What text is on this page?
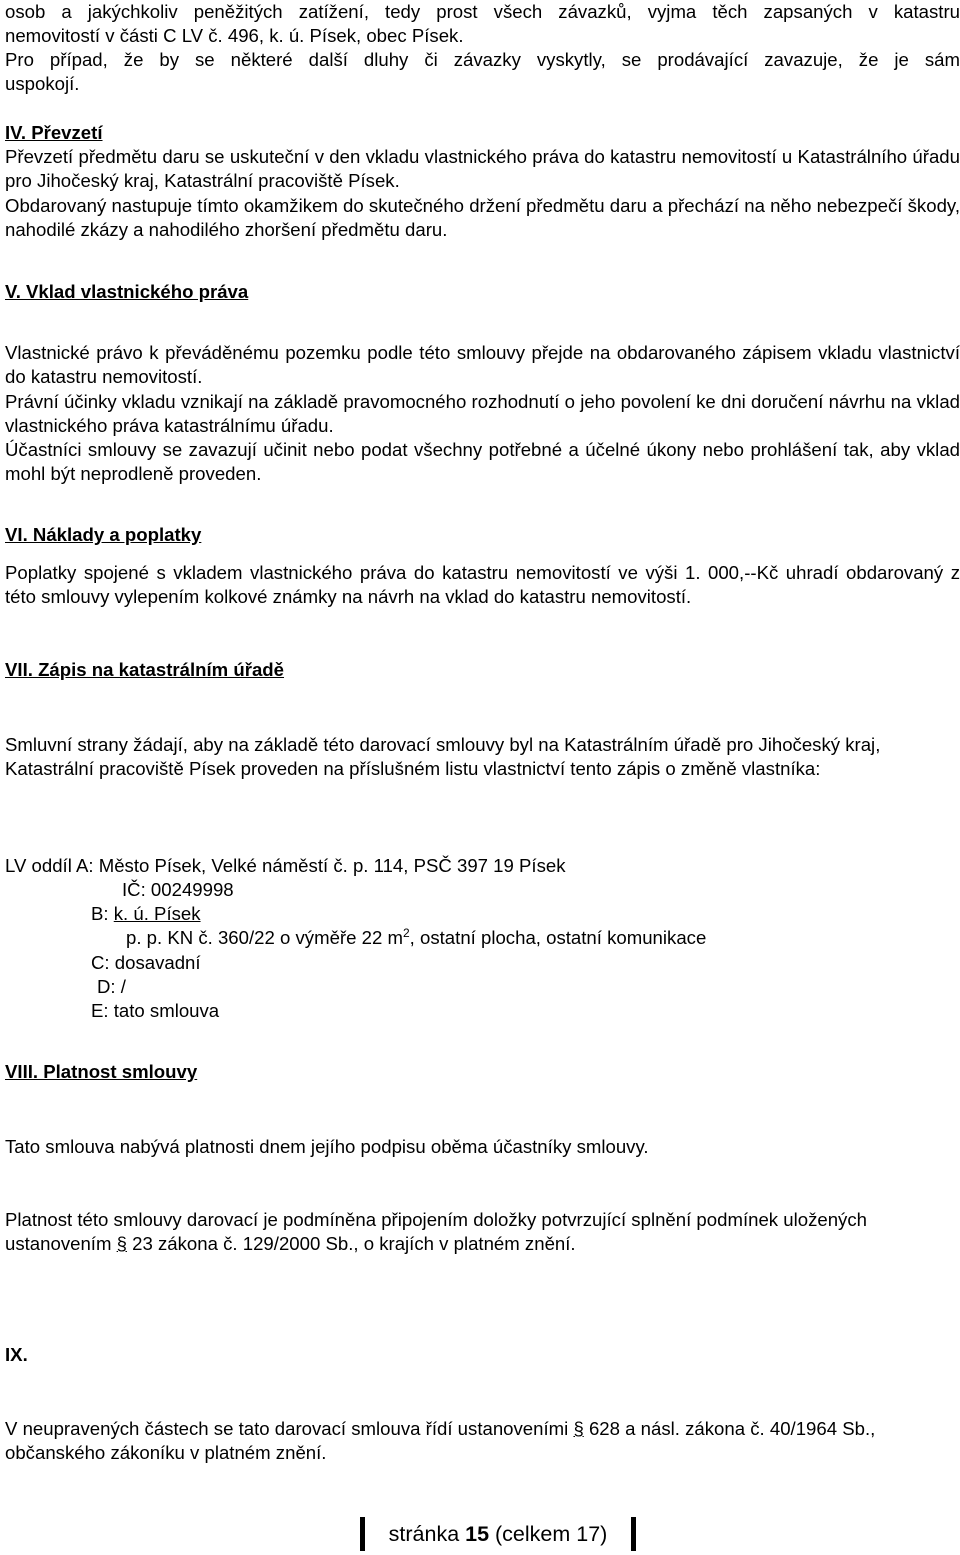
osob a jakýchkoliv peněžitých zatížení, tedy prost všech závazků, vyjma těch zapsaných v katastru

nemovitostí v části C LV č. 496, k. ú. Písek, obec Písek.

Pro případ, že by se některé další dluhy či závazky vyskytly, se prodávající zavazuje, že je sám

uspokojí.

IV. Převzetí

Převzetí předmětu daru se uskuteční v den vkladu vlastnického práva do katastru nemovitostí u Katastrálního úřadu pro Jihočeský kraj, Katastrální pracoviště Písek.

Obdarovaný nastupuje tímto okamžikem do skutečného držení předmětu daru a přechází na něho nebezpečí škody, nahodilé zkázy a nahodilého zhoršení předmětu daru.

V. Vklad vlastnického práva

Vlastnické právo k převáděnému pozemku podle této smlouvy přejde na obdarovaného zápisem vkladu vlastnictví do katastru nemovitostí.

Právní účinky vkladu vznikají na základě pravomocného rozhodnutí o jeho povolení ke dni doručení návrhu na vklad vlastnického práva katastrálnímu úřadu.

Účastníci smlouvy se zavazují učinit nebo podat všechny potřebné a účelné úkony nebo prohlášení tak, aby vklad mohl být neprodleně proveden.

VI. Náklady a poplatky

Poplatky spojené s vkladem vlastnického práva do katastru nemovitostí ve výši 1. 000,--Kč uhradí obdarovaný z této smlouvy vylepením kolkové známky na návrh na vklad do katastru nemovitostí.

VII. Zápis na katastrálním úřadě

Smluvní strany žádají, aby na základě této darovací smlouvy byl na Katastrálním úřadě pro Jihočeský kraj, Katastrální pracoviště Písek proveden na příslušném listu vlastnictví tento zápis o změně vlastníka:

LV oddíl A: Město Písek, Velké náměstí č. p. 114, PSČ 397 19 Písek

IČ: 00249998

B: k. ú. Písek

p. p. KN č. 360/22 o výměře 22 $m^2$, ostatní plocha, ostatní komunikace

C: dosavadní

D: /

E: tato smlouva

VIII. Platnost smlouvy

Tato smlouva nabývá platnosti dnem jejího podpisu oběma účastníky smlouvy.

Platnost této smlouvy darovací je podmíněna připojením doložky potvrzující splnění podmínek uložených ustanovením § 23 zákona č. 129/2000 Sb., o krajích v platném znění.

IX.

V neupravených částech se tato darovací smlouva řídí ustanoveními § 628 a násl. zákona č. 40/1964 Sb., občanského zákoníku v platném znění.

stránka 15 (celkem 17)
